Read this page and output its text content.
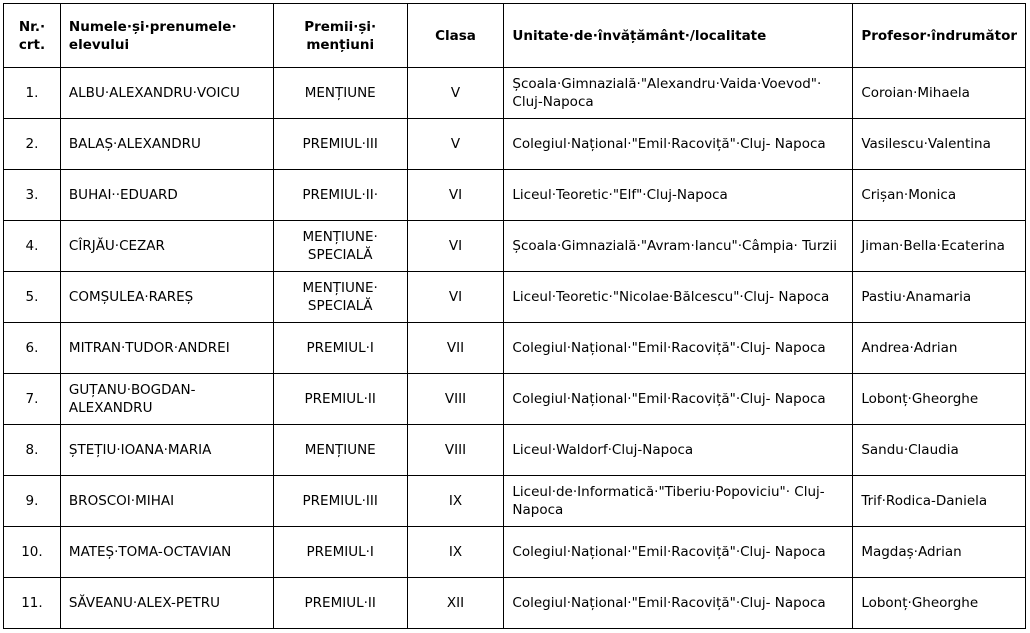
Nr.· crt.	Numele·și·prenumele· elevului	Premii·și· mențiuni	Clasa	Unitate·de·învățământ·/localitate	Profesor·îndrumător
1.	ALBU·ALEXANDRU·VOICU	MENȚIUNE	V	Școala·Gimnazială·"Alexandru·Vaida·Voevod"· Cluj-Napoca	Coroian·Mihaela
2.	BALAȘ·ALEXANDRU	PREMIUL·III	V	Colegiul·Național·"Emil·Racoviță"·Cluj- Napoca	Vasilescu·Valentina
3.	BUHAI··EDUARD	PREMIUL·II·	VI	Liceul·Teoretic·"Elf"·Cluj-Napoca	Crișan·Monica
4.	CÎRJĂU·CEZAR	MENȚIUNE· SPECIALĂ	VI	Școala·Gimnazială·"Avram·Iancu"·Câmpia· Turzii	Jiman·Bella·Ecaterina
5.	COMȘULEA·RAREȘ	MENȚIUNE· SPECIALĂ	VI	Liceul·Teoretic·"Nicolae·Bălcescu"·Cluj- Napoca	Pastiu·Anamaria
6.	MITRAN·TUDOR·ANDREI	PREMIUL·I	VII	Colegiul·Național·"Emil·Racoviță"·Cluj- Napoca	Andrea·Adrian
7.	GUȚANU·BOGDAN- ALEXANDRU	PREMIUL·II	VIII	Colegiul·Național·"Emil·Racoviță"·Cluj- Napoca	Lobonț·Gheorghe
8.	ȘTEȚIU·IOANA·MARIA	MENȚIUNE	VIII	Liceul·Waldorf·Cluj-Napoca	Sandu·Claudia
9.	BROSCOI·MIHAI	PREMIUL·III	IX	Liceul·de·Informatică·"Tiberiu·Popoviciu"· Cluj-Napoca	Trif·Rodica-Daniela
10.	MATEȘ·TOMA-OCTAVIAN	PREMIUL·I	IX	Colegiul·Național·"Emil·Racoviță"·Cluj- Napoca	Magdaș·Adrian
11.	SĂVEANU·ALEX-PETRU	PREMIUL·II	XII	Colegiul·Național·"Emil·Racoviță"·Cluj- Napoca	Lobonț·Gheorghe
